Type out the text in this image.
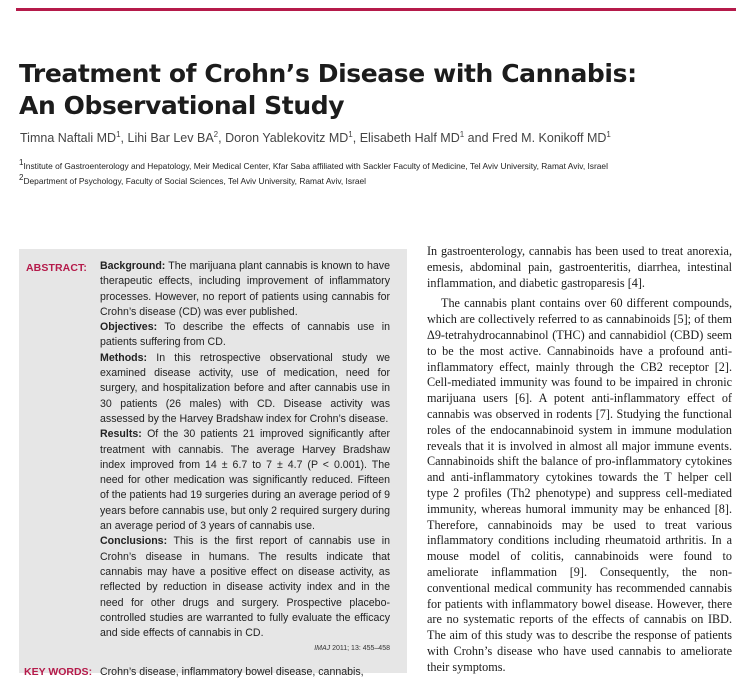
Treatment of Crohn’s Disease with Cannabis:
An Observational Study
Timna Naftali $MD^1$, Lihi Bar Lev $BA^2$, Doron Yablekovitz $MD^1$, Elisabeth Half $MD^1$ and Fred M. Konikoff $MD^1$
$^1$Institute of Gastroenterology and Hepatology, Meir Medical Center, Kfar Saba affiliated with Sackler Faculty of Medicine, Tel Aviv University, Ramat Aviv, Israel
$^2$Department of Psychology, Faculty of Social Sciences, Tel Aviv University, Ramat Aviv, Israel
ABSTRACT: Background: The marijuana plant cannabis is known to have therapeutic effects, including improvement of inflammatory processes. However, no report of patients using cannabis for Crohn’s disease (CD) was ever published.

Objectives: To describe the effects of cannabis use in patients suffering from CD.

Methods: In this retrospective observational study we examined disease activity, use of medication, need for surgery, and hospitalization before and after cannabis use in 30 patients (26 males) with CD. Disease activity was assessed by the Harvey Bradshaw index for Crohn’s disease.

Results: Of the 30 patients 21 improved significantly after treatment with cannabis. The average Harvey Bradshaw index improved from 14 ± 6.7 to 7 ± 4.7 (P < 0.001). The need for other medication was significantly reduced. Fifteen of the patients had 19 surgeries during an average period of 9 years before cannabis use, but only 2 required surgery during an average period of 3 years of cannabis use.

Conclusions: This is the first report of cannabis use in Crohn’s disease in humans. The results indicate that cannabis may have a positive effect on disease activity, as reflected by reduction in disease activity index and in the need for other drugs and surgery. Prospective placebo-controlled studies are warranted to fully evaluate the efficacy and side effects of cannabis in CD.

IMAJ 2011; 13: 455–458
KEY WORDS: Crohn’s disease, inflammatory bowel disease, cannabis,

In gastroenterology, cannabis has been used to treat anorexia, emesis, abdominal pain, gastroenteritis, diarrhea, intestinal inflammation, and diabetic gastroparesis [4].

The cannabis plant contains over 60 different compounds, which are collectively referred to as cannabinoids [5]; of them Δ9-tetrahydrocannabinol (THC) and cannabidiol (CBD) seem to be the most active. Cannabinoids have a profound anti-inflammatory effect, mainly through the CB2 receptor [2]. Cell-mediated immunity was found to be impaired in chronic marijuana users [6]. A potent anti-inflammatory effect of cannabis was observed in rodents [7]. Studying the functional roles of the endocannabinoid system in immune modulation reveals that it is involved in almost all major immune events. Cannabinoids shift the balance of pro-inflammatory cytokines and anti-inflammatory cytokines towards the T helper cell type 2 profiles (Th2 phenotype) and suppress cell-mediated immunity, whereas humoral immunity may be enhanced [8]. Therefore, cannabinoids may be used to treat various inflammatory conditions including rheumatoid arthritis. In a mouse model of colitis, cannabinoids were found to ameliorate inflammation [9]. Consequently, the non-conventional medical community has recommended cannabis for patients with inflammatory bowel disease. However, there are no systematic reports of the effects of cannabis on IBD. The aim of this study was to describe the response of patients with Crohn’s disease who have used cannabis to ameliorate their symptoms.
